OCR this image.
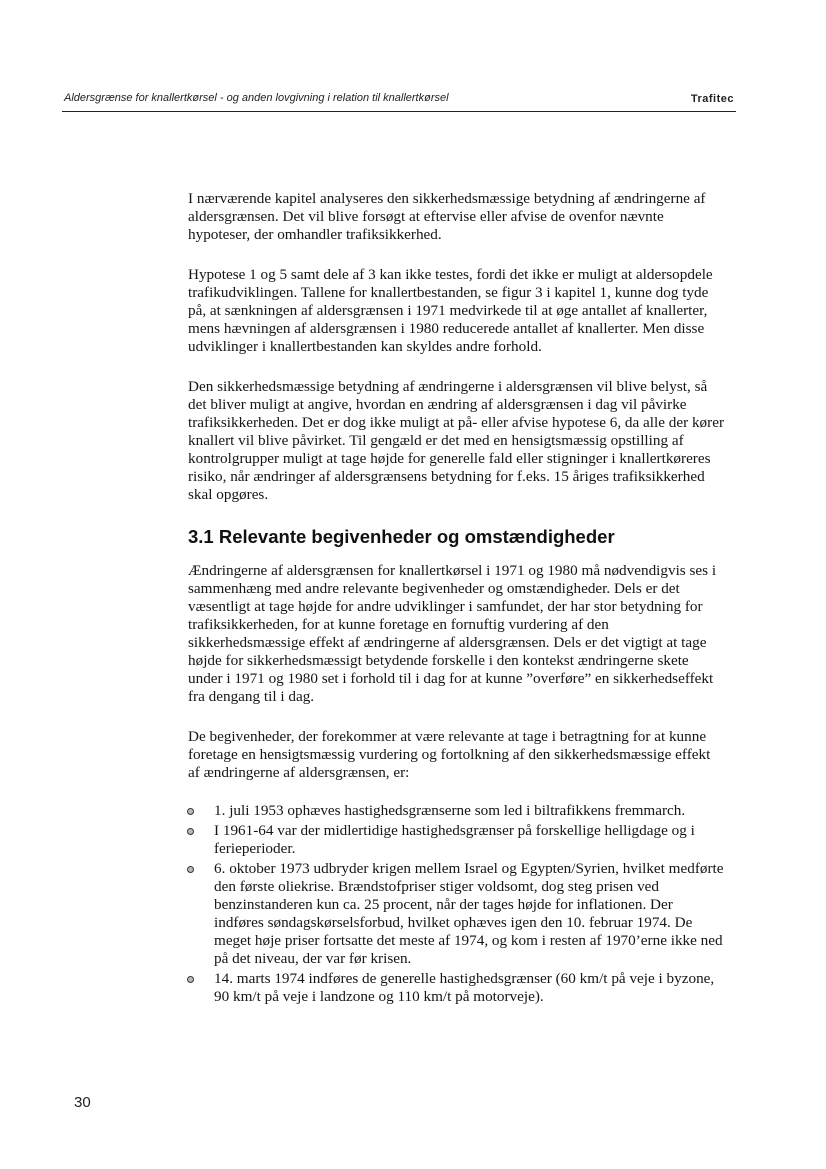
Aldersgrænse for knallertkørsel - og anden lovgivning i relation til knallertkørsel	Trafitec

I nærværende kapitel analyseres den sikkerhedsmæssige betydning af ændringerne af aldersgrænsen. Det vil blive forsøgt at eftervise eller afvise de ovenfor nævnte hypoteser, der omhandler trafiksikkerhed.

Hypotese 1 og 5 samt dele af 3 kan ikke testes, fordi det ikke er muligt at aldersopdele trafikudviklingen. Tallene for knallertbestanden, se figur 3 i kapitel 1, kunne dog tyde på, at sænkningen af aldersgrænsen i 1971 medvirkede til at øge antallet af knallerter, mens hævningen af aldersgrænsen i 1980 reducerede antallet af knallerter. Men disse udviklinger i knallertbestanden kan skyldes andre forhold.

Den sikkerhedsmæssige betydning af ændringerne i aldersgrænsen vil blive belyst, så det bliver muligt at angive, hvordan en ændring af aldersgrænsen i dag vil påvirke trafiksikkerheden. Det er dog ikke muligt at på- eller afvise hypotese 6, da alle der kører knallert vil blive påvirket. Til gengæld er det med en hensigtsmæssig opstilling af kontrolgrupper muligt at tage højde for generelle fald eller stigninger i knallertkøreres risiko, når ændringer af aldersgrænsens betydning for f.eks. 15 åriges trafiksikkerhed skal opgøres.

3.1 Relevante begivenheder og omstændigheder

Ændringerne af aldersgrænsen for knallertkørsel i 1971 og 1980 må nødvendigvis ses i sammenhæng med andre relevante begivenheder og omstændigheder. Dels er det væsentligt at tage højde for andre udviklinger i samfundet, der har stor betydning for trafiksikkerheden, for at kunne foretage en fornuftig vurdering af den sikkerhedsmæssige effekt af ændringerne af aldersgrænsen. Dels er det vigtigt at tage højde for sikkerhedsmæssigt betydende forskelle i den kontekst ændringerne skete under i 1971 og 1980 set i forhold til i dag for at kunne ”overføre” en sikkerhedseffekt fra dengang til i dag.

De begivenheder, der forekommer at være relevante at tage i betragtning for at kunne foretage en hensigtsmæssig vurdering og fortolkning af den sikkerhedsmæssige effekt af ændringerne af aldersgrænsen, er:

1. juli 1953 ophæves hastighedsgrænserne som led i biltrafikkens fremmarch.
I 1961-64 var der midlertidige hastighedsgrænser på forskellige helligdage og i ferieperioder.
6. oktober 1973 udbryder krigen mellem Israel og Egypten/Syrien, hvilket medførte den første oliekrise. Brændstofpriser stiger voldsomt, dog steg prisen ved benzinstanderen kun ca. 25 procent, når der tages højde for inflationen. Der indføres søndagskørselsforbud, hvilket ophæves igen den 10. februar 1974. De meget høje priser fortsatte det meste af 1974, og kom i resten af 1970’erne ikke ned på det niveau, der var før krisen.
14. marts 1974 indføres de generelle hastighedsgrænser (60 km/t på veje i byzone, 90 km/t på veje i landzone og 110 km/t på motorveje).
30
